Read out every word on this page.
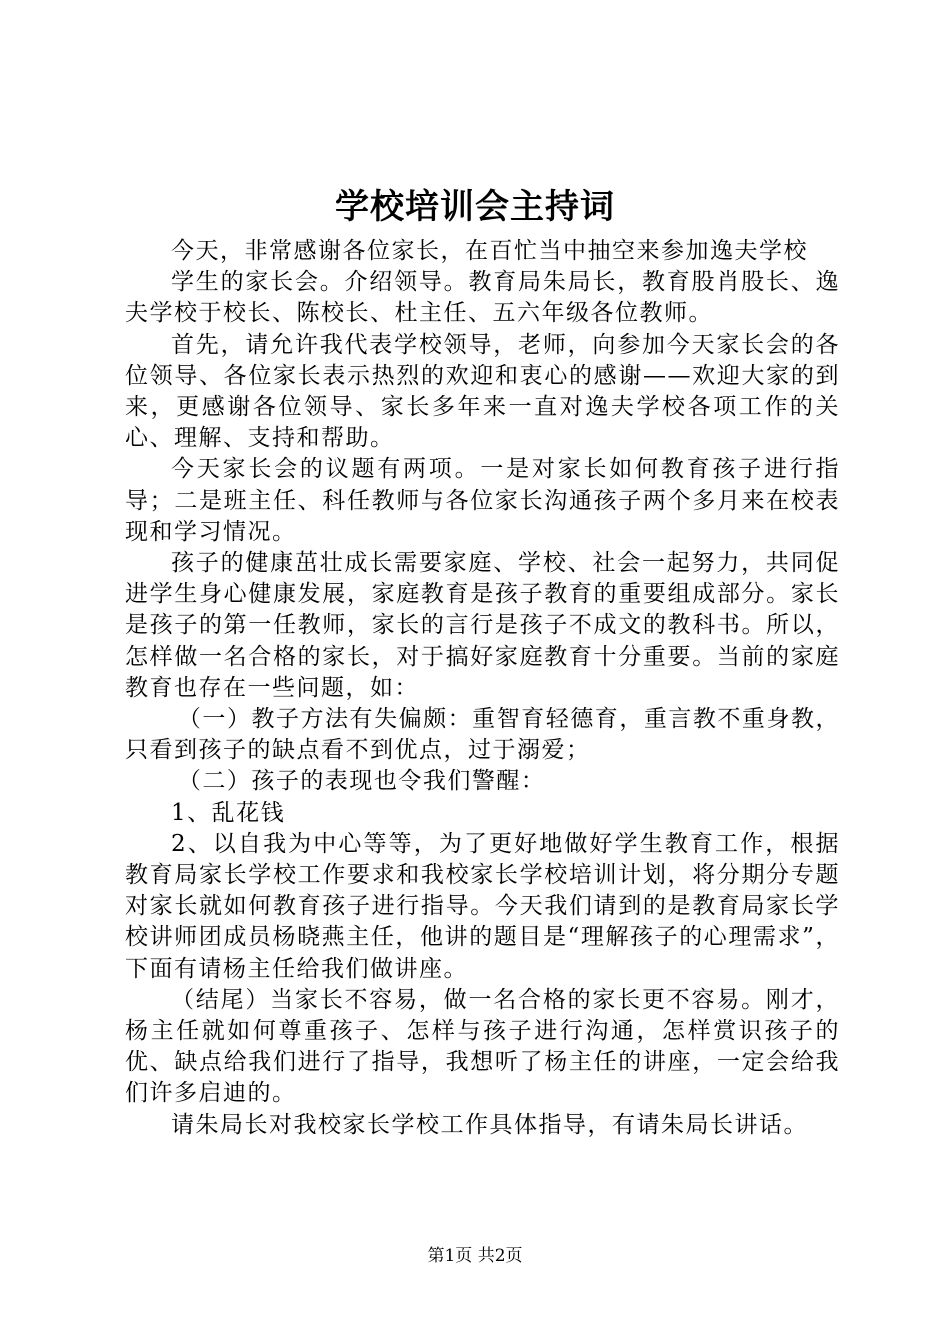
学校培训会主持词

今天，非常感谢各位家长，在百忙当中抽空来参加逸夫学校

学生的家长会。介绍领导。教育局朱局长，教育股肖股长、逸夫学校于校长、陈校长、杜主任、五六年级各位教师。

首先，请允许我代表学校领导，老师，向参加今天家长会的各位领导、各位家长表示热烈的欢迎和衷心的感谢——欢迎大家的到来，更感谢各位领导、家长多年来一直对逸夫学校各项工作的关心、理解、支持和帮助。

今天家长会的议题有两项。一是对家长如何教育孩子进行指导；二是班主任、科任教师与各位家长沟通孩子两个多月来在校表现和学习情况。

孩子的健康茁壮成长需要家庭、学校、社会一起努力，共同促进学生身心健康发展，家庭教育是孩子教育的重要组成部分。家长是孩子的第一任教师，家长的言行是孩子不成文的教科书。所以，怎样做一名合格的家长，对于搞好家庭教育十分重要。当前的家庭教育也存在一些问题，如：

（一）教子方法有失偏颇：重智育轻德育，重言教不重身教，只看到孩子的缺点看不到优点，过于溺爱；

（二）孩子的表现也令我们警醒：

1、乱花钱

2、以自我为中心等等，为了更好地做好学生教育工作，根据教育局家长学校工作要求和我校家长学校培训计划，将分期分专题对家长就如何教育孩子进行指导。今天我们请到的是教育局家长学校讲师团成员杨晓燕主任，他讲的题目是“理解孩子的心理需求”，下面有请杨主任给我们做讲座。

（结尾）当家长不容易，做一名合格的家长更不容易。刚才，杨主任就如何尊重孩子、怎样与孩子进行沟通，怎样赏识孩子的优、缺点给我们进行了指导，我想听了杨主任的讲座，一定会给我们许多启迪的。

请朱局长对我校家长学校工作具体指导，有请朱局长讲话。

第1页 共2页
